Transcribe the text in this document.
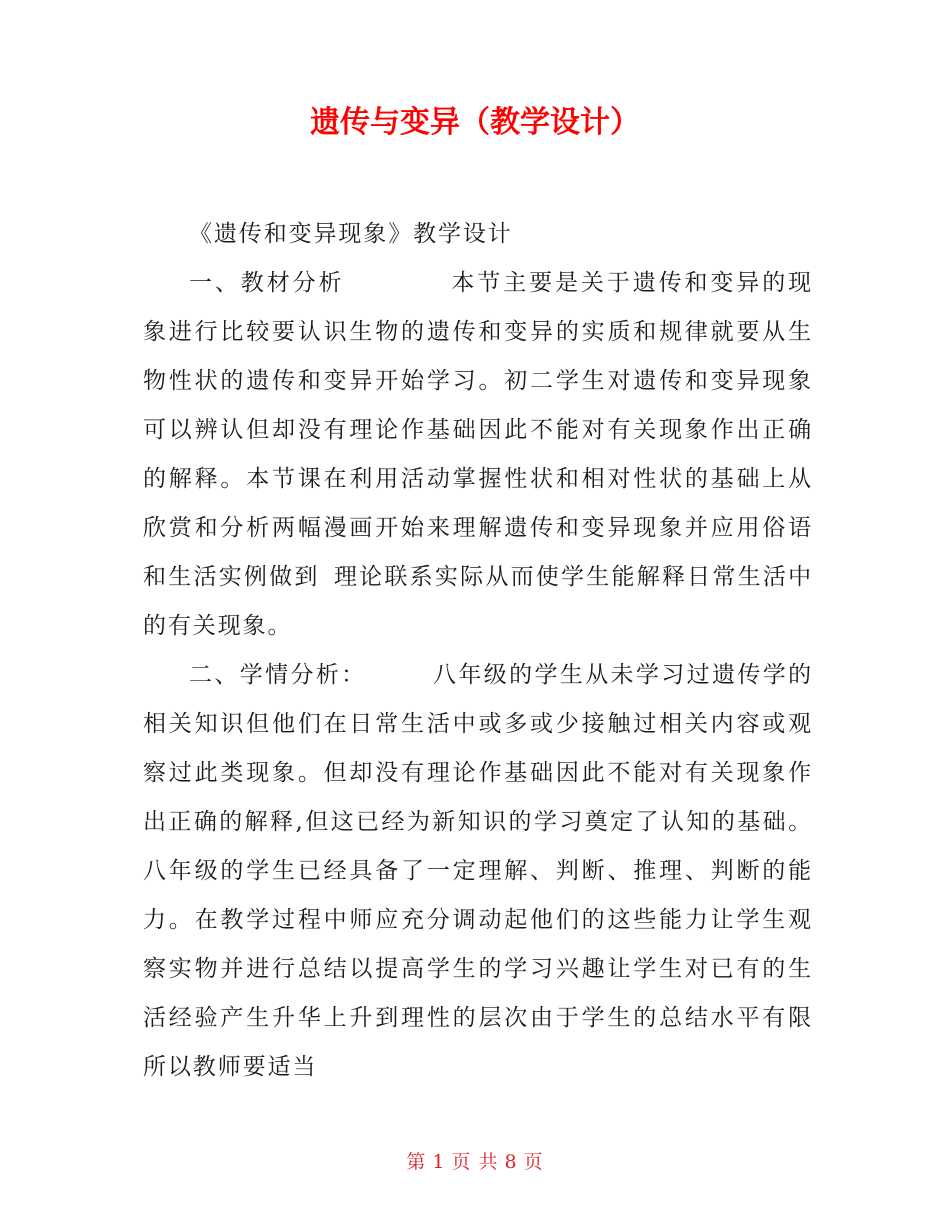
遗传与变异（教学设计）

《遗传和变异现象》教学设计

一、教材分析	本节主要是关于遗传和变异的现象进行比较要认识生物的遗传和变异的实质和规律就要从生物性状的遗传和变异开始学习。初二学生对遗传和变异现象可以辨认但却没有理论作基础因此不能对有关现象作出正确的解释。本节课在利用活动掌握性状和相对性状的基础上从欣赏和分析两幅漫画开始来理解遗传和变异现象并应用俗语和生活实例做到 理论联系实际从而使学生能解释日常生活中的有关现象。

二、学情分析：	八年级的学生从未学习过遗传学的相关知识但他们在日常生活中或多或少接触过相关内容或观察过此类现象。但却没有理论作基础因此不能对有关现象作出正确的解释,但这已经为新知识的学习奠定了认知的基础。八年级的学生已经具备了一定理解、判断、推理、判断的能力。在教学过程中师应充分调动起他们的这些能力让学生观察实物并进行总结以提高学生的学习兴趣让学生对已有的生活经验产生升华上升到理性的层次由于学生的总结水平有限所以教师要适当

第 1 页 共 8 页
